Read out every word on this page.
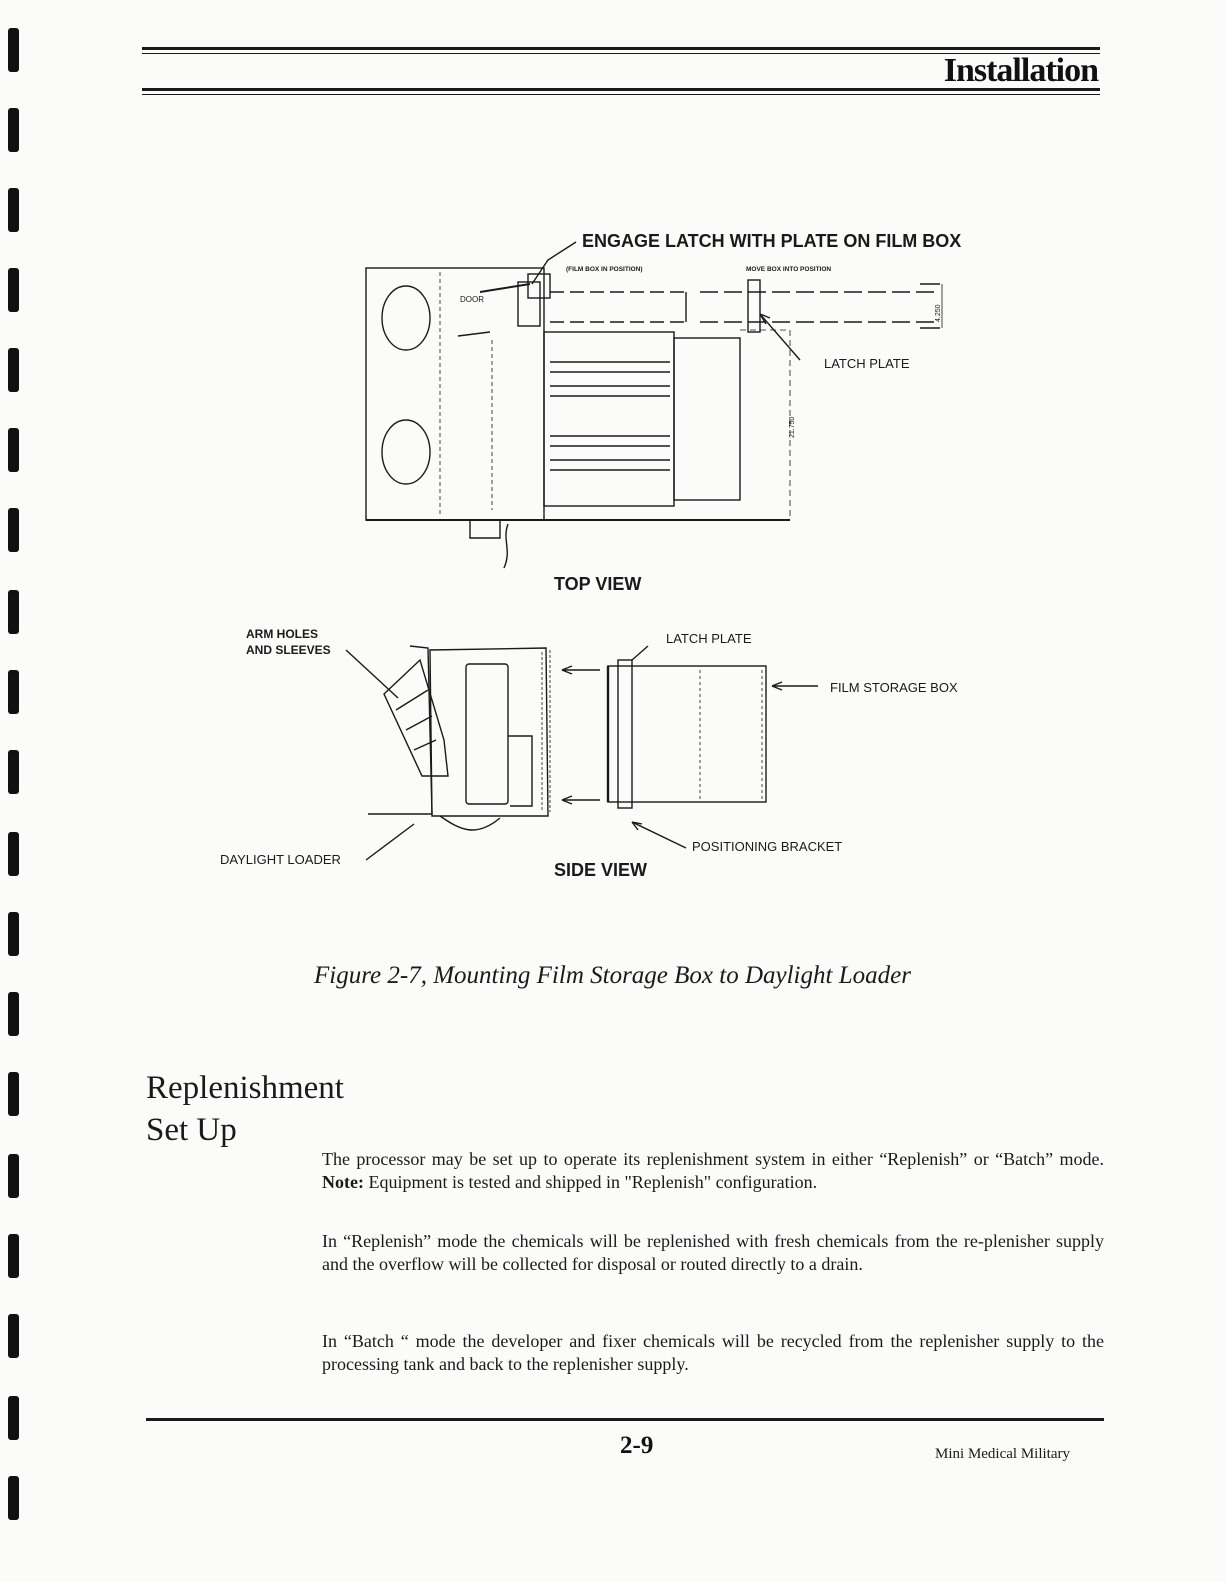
Installation
ENGAGE LATCH WITH PLATE ON FILM BOX
(FILM BOX IN POSITION)	MOVE BOX INTO POSITION
DOOR
4.250
LATCH PLATE
21.750
TOP VIEW
ARM HOLES
AND SLEEVES
LATCH PLATE
FILM STORAGE BOX
DAYLIGHT LOADER
POSITIONING BRACKET
SIDE VIEW
Figure 2-7, Mounting Film Storage Box to Daylight Loader
Replenishment
Set Up
The processor may be set up to operate its replenishment system in either “Replenish” or “Batch” mode. Note: Equipment is tested and shipped in "Replenish" configuration.
In “Replenish” mode the chemicals will be replenished with fresh chemicals from the re-plenisher supply and the overflow will be collected for disposal or routed directly to a drain.
In “Batch “ mode the developer and fixer chemicals will be recycled from the replenisher supply to the processing tank and back to the replenisher supply.
2-9	Mini Medical Military
